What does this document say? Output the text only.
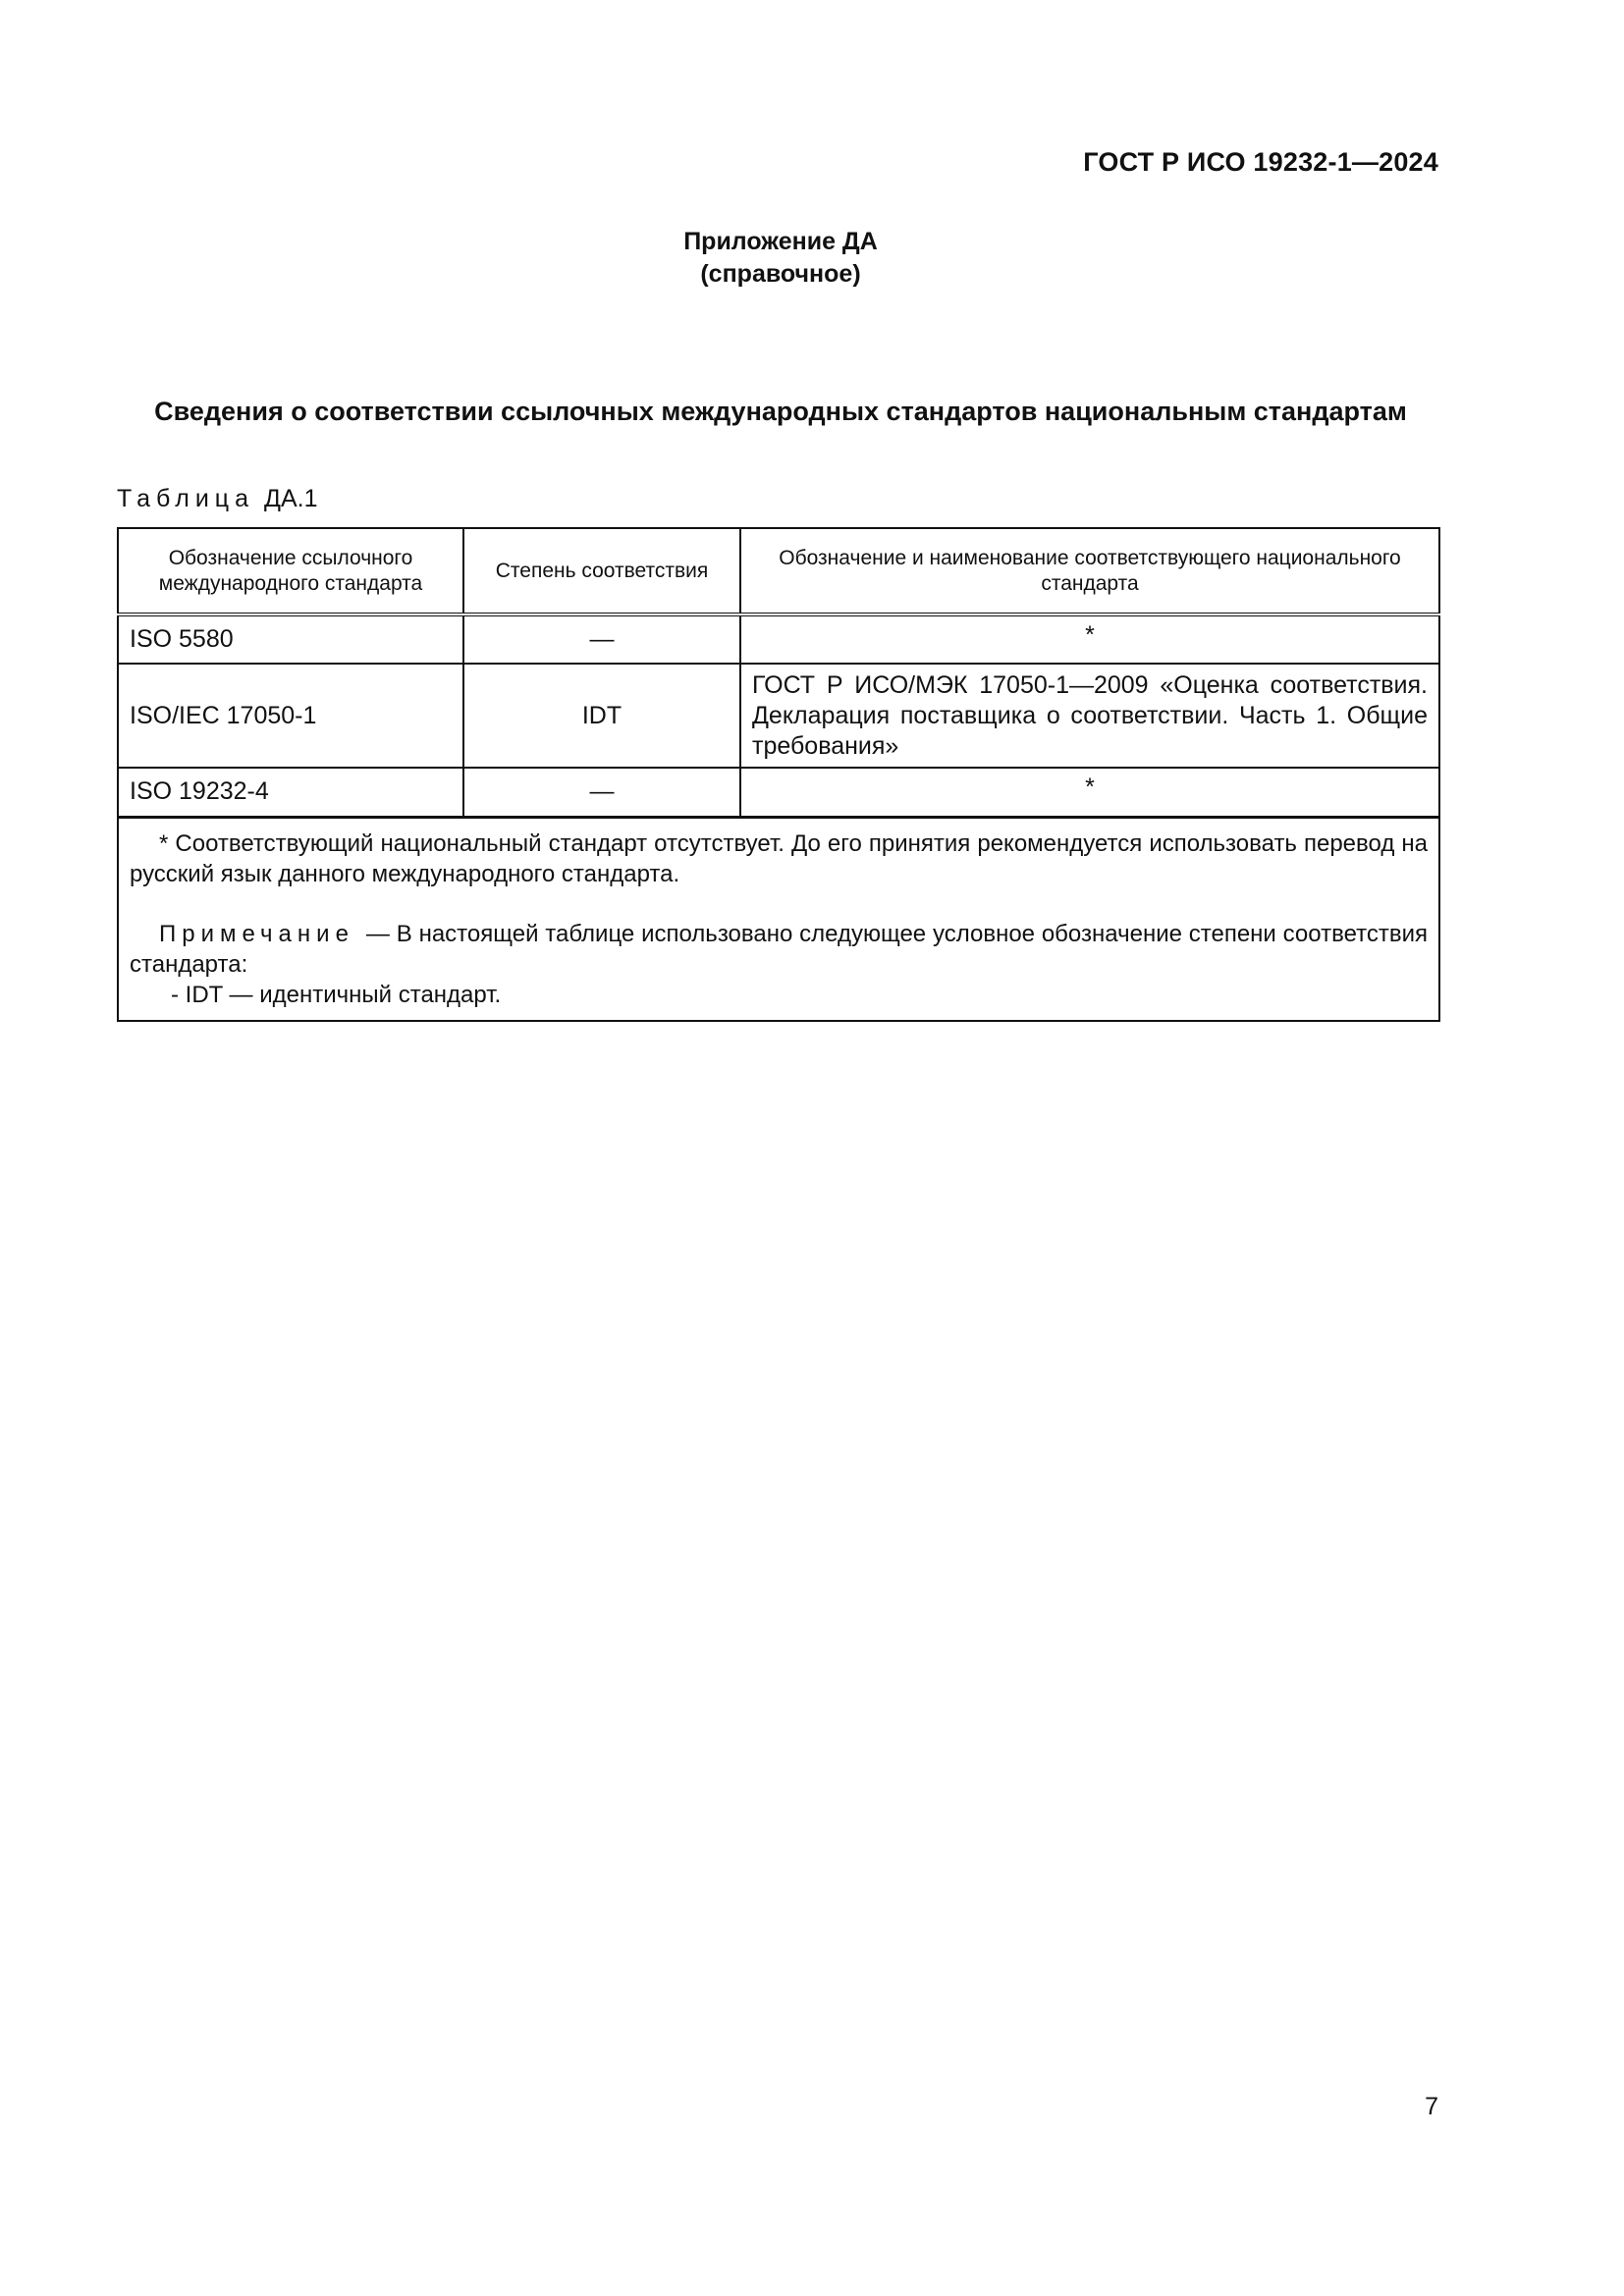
ГОСТ Р ИСО 19232-1—2024
Приложение ДА
(справочное)
Сведения о соответствии ссылочных международных стандартов национальным стандартам
Таблица ДА.1
Обозначение ссылочного международного стандарта	Степень соответствия	Обозначение и наименование соответствующего национального стандарта
ISO 5580	—	*
ISO/IEC 17050-1	IDT	ГОСТ Р ИСО/МЭК 17050-1—2009 «Оценка соответствия. Декларация поставщика о соответствии. Часть 1. Общие требования»
ISO 19232-4	—	*

* Соответствующий национальный стандарт отсутствует. До его принятия рекомендуется использовать перевод на русский язык данного международного стандарта.

Примечание — В настоящей таблице использовано следующее условное обозначение степени соответствия стандарта:

- IDT — идентичный стандарт.		

7
